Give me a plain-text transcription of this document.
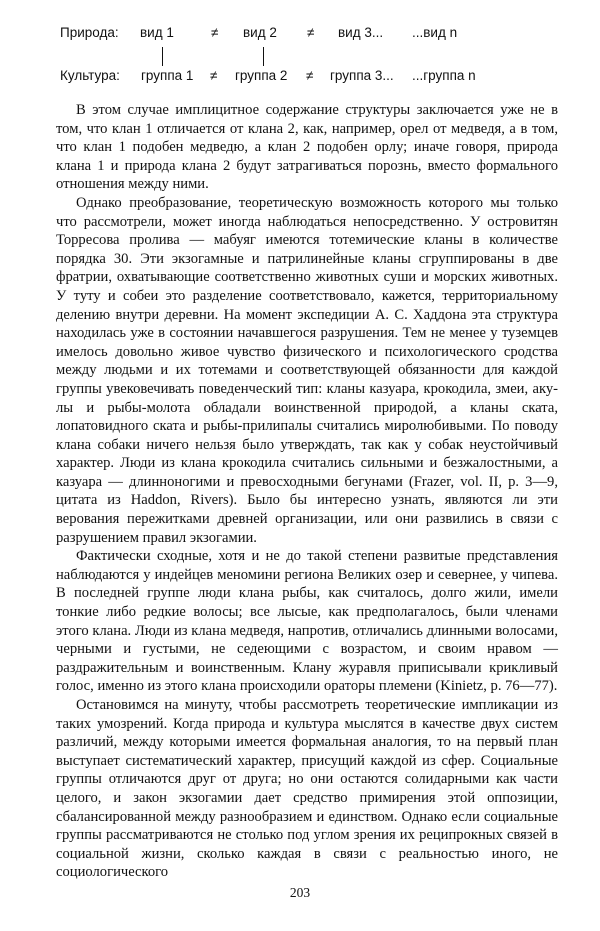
Природа: вид 1	≠ вид 2 ≠ вид 3... ...вид n
Культура: группа 1 ≠ группа 2 ≠ группа 3... ...группа n

В этом случае имплицитное содержание структуры заключается уже не в том, что клан 1 отличается от клана 2, как, например, орел от медведя, а в том, что клан 1 подобен медведю, а клан 2 подобен орлу; иначе говоря, природа клана 1 и природа клана 2 будут затрагиваться порознь, вместо формального отношения между ними.

Однако преобразование, теоретическую возможность которого мы только что рассмотрели, может иногда наблюдаться непосредственно. У островитян Торресова пролива — мабуяг имеются тотемические кланы в количестве порядка 30. Эти экзогамные и патрилинейные кланы сгруппированы в две фратрии, охватывающие соответственно животных суши и морских животных. У туту и собеи это разделение соответствовало, кажется, территориальному делению внутри деревни. На момент экспедиции А. С. Хаддона эта структура находилась уже в состоянии начавшегося разрушения. Тем не менее у туземцев имелось довольно живое чувство физического и психологического сродства между людьми и их тотемами и соответствующей обязанности для каждой группы увековечивать поведенческий тип: кланы казуара, крокодила, змеи, акулы и рыбы-молота обладали воинственной природой, а кланы ската, лопатовидного ската и рыбы-прилипалы считались миролюбивыми. По поводу клана собаки ничего нельзя было утверждать, так как у собак неустойчивый характер. Люди из клана крокодила считались сильными и безжалостными, а казуара — длинноногими и превосходными бегунами (Frazer, vol. II, p. 3—9, цитата из Haddon, Rivers). Было бы интересно узнать, являются ли эти верования пережитками древней организации, или они развились в связи с разрушением правил экзогамии.

Фактически сходные, хотя и не до такой степени развитые представления наблюдаются у индейцев меномини региона Великих озер и севернее, у чипева. В последней группе люди клана рыбы, как считалось, долго жили, имели тонкие либо редкие волосы; все лысые, как предполагалось, были членами этого клана. Люди из клана медведя, напротив, отличались длинными волосами, черными и густыми, не седеющими с возрастом, и своим нравом — раздражительным и воинственным. Клану журавля приписывали крикливый голос, именно из этого клана происходили ораторы племени (Kinietz, p. 76—77).

Остановимся на минуту, чтобы рассмотреть теоретические импликации из таких умозрений. Когда природа и культура мыслятся в качестве двух систем различий, между которыми имеется формальная аналогия, то на первый план выступает систематический характер, присущий каждой из сфер. Социальные группы отличаются друг от друга; но они остаются солидарными как части целого, и закон экзогамии дает средство примирения этой оппозиции, сбалансированной между разнообразием и единством. Однако если социальные группы рассматриваются не столько под углом зрения их реципрокных связей в социальной жизни, сколько каждая в связи с реальностью иного, не социологического

203
